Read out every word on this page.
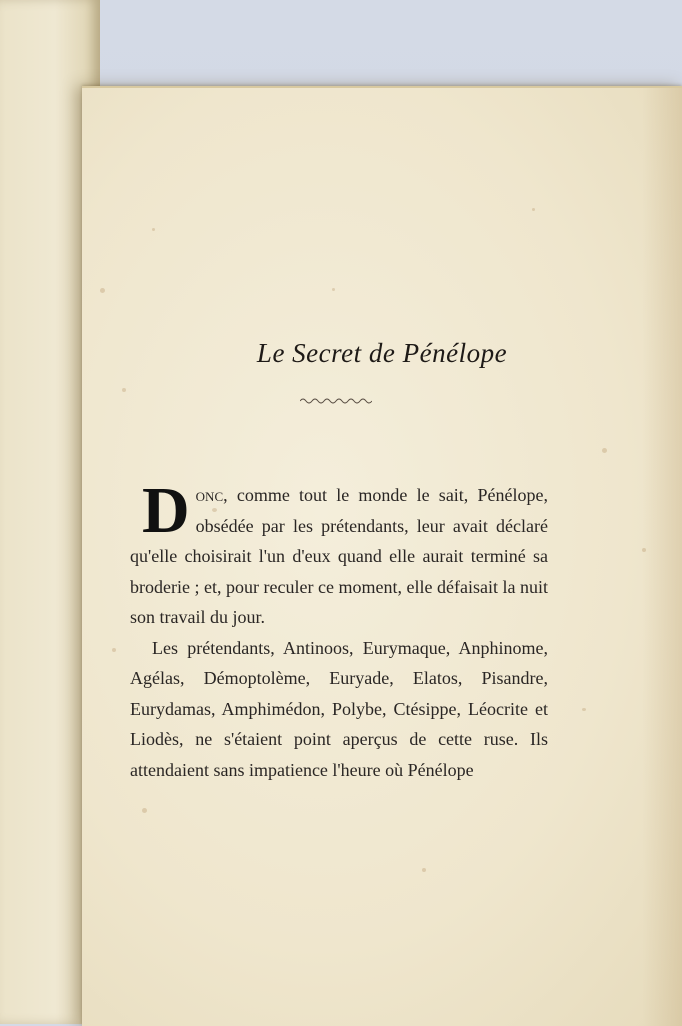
Le Secret de Pénélope

Donc, comme tout le monde le sait, Pénélope, obsédée par les prétendants, leur avait déclaré qu'elle choisirait l'un d'eux quand elle aurait terminé sa broderie ; et, pour reculer ce moment, elle défaisait la nuit son travail du jour.

Les prétendants, Antinoos, Eurymaque, Anphinome, Agélas, Démoptolème, Euryade, Elatos, Pisandre, Eurydamas, Amphimédon, Polybe, Ctésippe, Léocrite et Liodès, ne s'étaient point aperçus de cette ruse. Ils attendaient sans impatience l'heure où Pénélope
